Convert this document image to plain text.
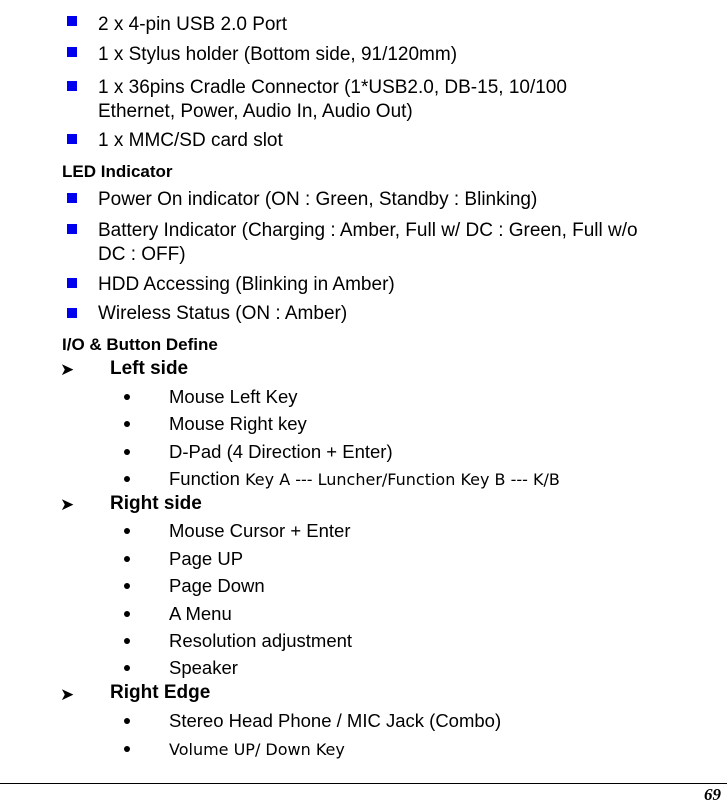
2 x 4-pin USB 2.0 Port
1 x Stylus holder (Bottom side, 91/120mm)
1 x 36pins Cradle Connector (1*USB2.0, DB-15, 10/100
Ethernet, Power, Audio In, Audio Out)
1 x MMC/SD card slot
LED Indicator
Power On indicator (ON : Green, Standby : Blinking)
Battery Indicator (Charging : Amber, Full w/ DC : Green, Full w/o
DC : OFF)
HDD Accessing (Blinking in Amber)
Wireless Status (ON : Amber)
I/O & Button Define
➤ Left side
Mouse Left Key
Mouse Right key
D-Pad (4 Direction + Enter)
Function Key A --- Luncher/Function Key B --- K/B
➤ Right side
Mouse Cursor + Enter
Page UP
Page Down
A Menu
Resolution adjustment
Speaker
➤ Right Edge
Stereo Head Phone / MIC Jack (Combo)
Volume UP/ Down Key
69
